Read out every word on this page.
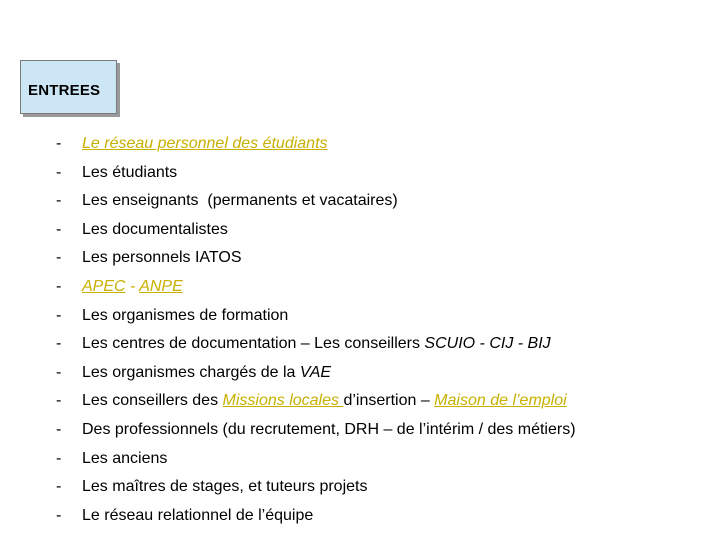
ENTREES
- Le réseau personnel des étudiants
- Les étudiants
- Les enseignants  (permanents et vacataires)
- Les documentalistes
- Les personnels IATOS
- APEC - ANPE
- Les organismes de formation
- Les centres de documentation – Les conseillers SCUIO - CIJ - BIJ
- Les organismes chargés de la VAE
- Les conseillers des Missions locales d’insertion – Maison de l’emploi
- Des professionnels (du recrutement, DRH – de l’intérim / des métiers)
- Les anciens
- Les maîtres de stages, et tuteurs projets
- Le réseau relationnel de l’équipe
